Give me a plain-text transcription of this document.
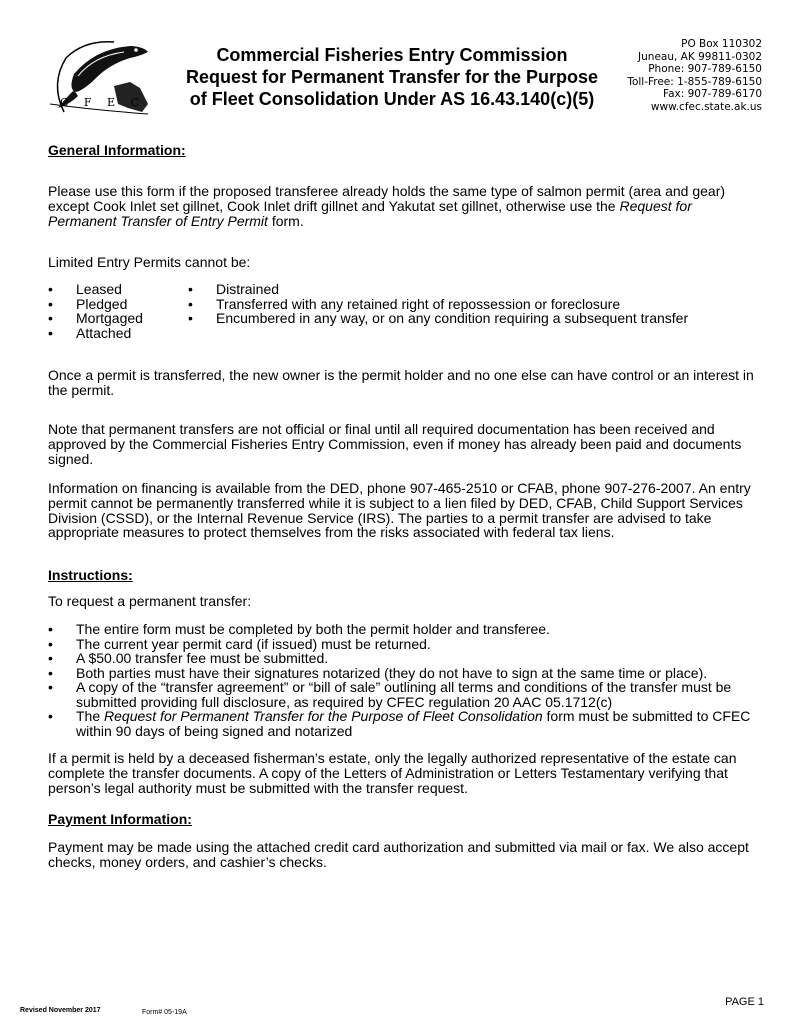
C F E C
Commercial Fisheries Entry Commission
Request for Permanent Transfer for the Purpose
of Fleet Consolidation Under AS 16.43.140(c)(5)
PO Box 110302
Juneau, AK 99811-0302
Phone: 907-789-6150
Toll-Free: 1-855-789-6150
Fax: 907-789-6170
www.cfec.state.ak.us
General Information:
Please use this form if the proposed transferee already holds the same type of salmon permit (area and gear) except Cook Inlet set gillnet, Cook Inlet drift gillnet and Yakutat set gillnet, otherwise use the Request for Permanent Transfer of Entry Permit form.
Limited Entry Permits cannot be:
• Leased
• Pledged
• Mortgaged
• Attached
• Distrained
• Transferred with any retained right of repossession or foreclosure
• Encumbered in any way, or on any condition requiring a subsequent transfer
Once a permit is transferred, the new owner is the permit holder and no one else can have control or an interest in the permit.
Note that permanent transfers are not official or final until all required documentation has been received and approved by the Commercial Fisheries Entry Commission, even if money has already been paid and documents signed.
Information on financing is available from the DED, phone 907-465-2510 or CFAB, phone 907-276-2007. An entry permit cannot be permanently transferred while it is subject to a lien filed by DED, CFAB, Child Support Services Division (CSSD), or the Internal Revenue Service (IRS). The parties to a permit transfer are advised to take appropriate measures to protect themselves from the risks associated with federal tax liens.
Instructions:
To request a permanent transfer:
• The entire form must be completed by both the permit holder and transferee.
• The current year permit card (if issued) must be returned.
• A $50.00 transfer fee must be submitted.
• Both parties must have their signatures notarized (they do not have to sign at the same time or place).
• A copy of the “transfer agreement” or “bill of sale” outlining all terms and conditions of the transfer must be submitted providing full disclosure, as required by CFEC regulation 20 AAC 05.1712(c)
• The Request for Permanent Transfer for the Purpose of Fleet Consolidation form must be submitted to CFEC within 90 days of being signed and notarized
If a permit is held by a deceased fisherman’s estate, only the legally authorized representative of the estate can complete the transfer documents. A copy of the Letters of Administration or Letters Testamentary verifying that person’s legal authority must be submitted with the transfer request.
Payment Information:
Payment may be made using the attached credit card authorization and submitted via mail or fax. We also accept checks, money orders, and cashier’s checks.
Revised November 2017	Form# 05-19A
PAGE 1
